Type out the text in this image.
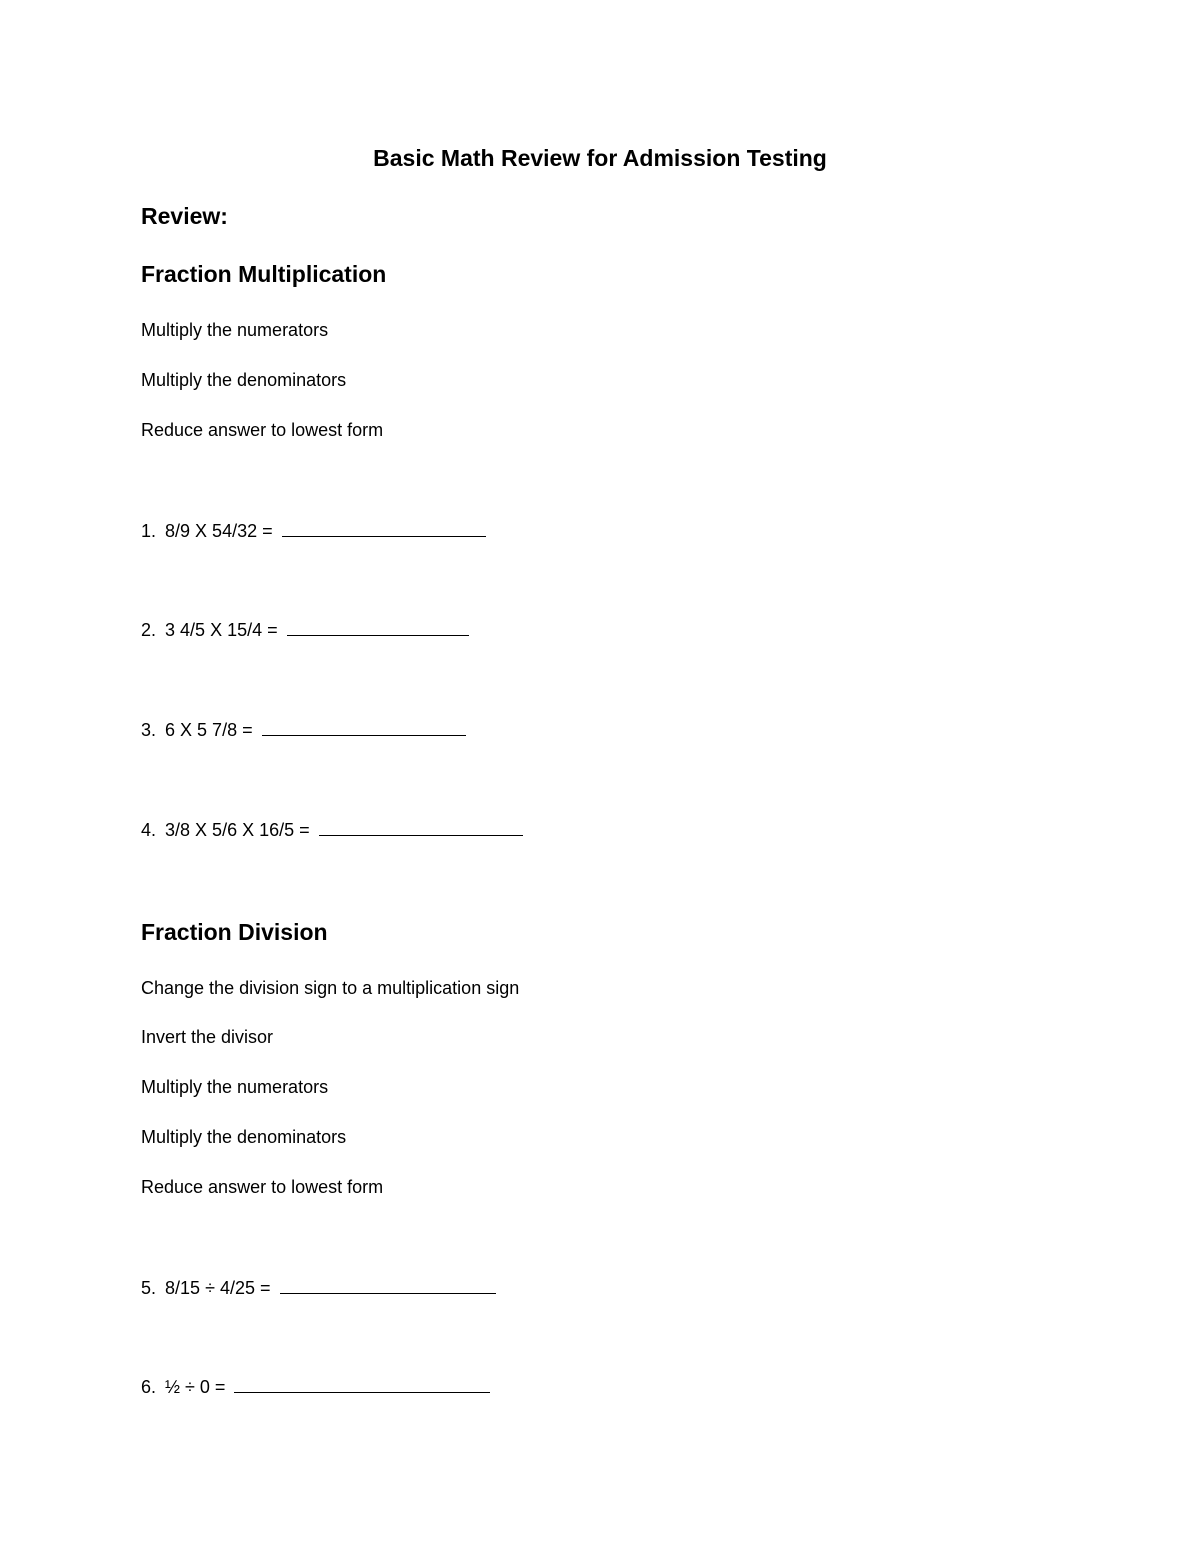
Basic Math Review for Admission Testing
Review:
Fraction Multiplication
Multiply the numerators
Multiply the denominators
Reduce answer to lowest form
1. 8/9 X 54/32 =
2. 3 4/5 X 15/4 =
3. 6 X 5 7/8 =
4. 3/8 X 5/6 X 16/5 =
Fraction Division
Change the division sign to a multiplication sign
Invert the divisor
Multiply the numerators
Multiply the denominators
Reduce answer to lowest form
5. 8/15 ÷ 4/25 =
6. ½ ÷ 0 =
